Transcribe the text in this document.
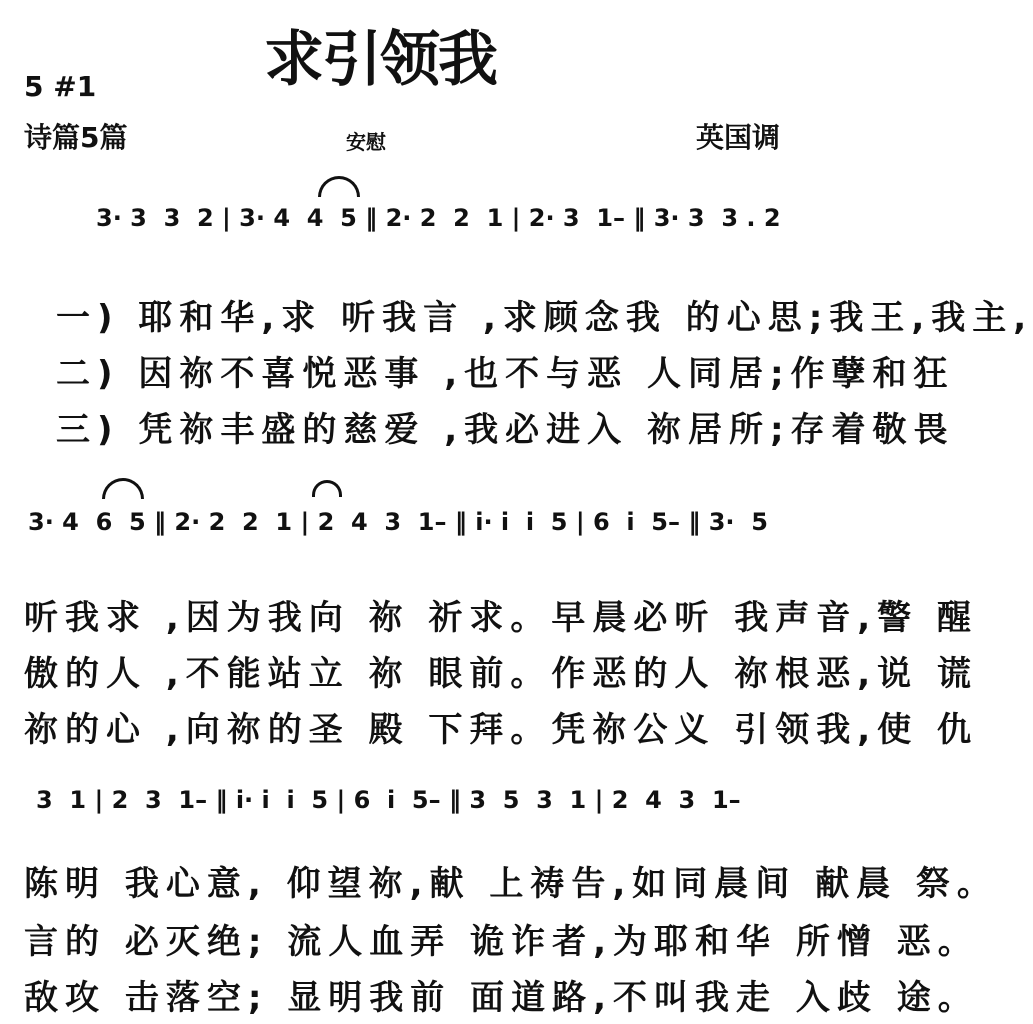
求引领我
5 #1
诗篇5篇	安慰	英国调
3· 3  3  2 | 3· 4  4  5 ‖ 2· 2  2  1 | 2· 3  1– ‖ 3· 3  3 . 2
一) 耶和华,求 听我言 ,求顾念我 的心思;我王,我主,
二) 因祢不喜悦恶事 ,也不与恶 人同居;作孽和狂
三) 凭祢丰盛的慈爱 ,我必进入 祢居所;存着敬畏
3· 4  6  5 ‖ 2· 2  2  1 | 2  4  3  1– ‖ i· i  i  5 | 6  i  5– ‖ 3·  5
听我求 ,因为我向 祢 祈求。早晨必听 我声音,警 醒
傲的人 ,不能站立 祢 眼前。作恶的人 祢根恶,说 谎
祢的心 ,向祢的圣 殿 下拜。凭祢公义 引领我,使 仇
3  1 | 2  3  1– ‖ i· i  i  5 | 6  i  5– ‖ 3  5  3  1 | 2  4  3  1–
陈明 我心意, 仰望祢,献 上祷告,如同晨间 献晨 祭。
言的 必灭绝; 流人血弄 诡诈者,为耶和华 所憎 恶。
敌攻 击落空; 显明我前 面道路,不叫我走 入歧 途。
